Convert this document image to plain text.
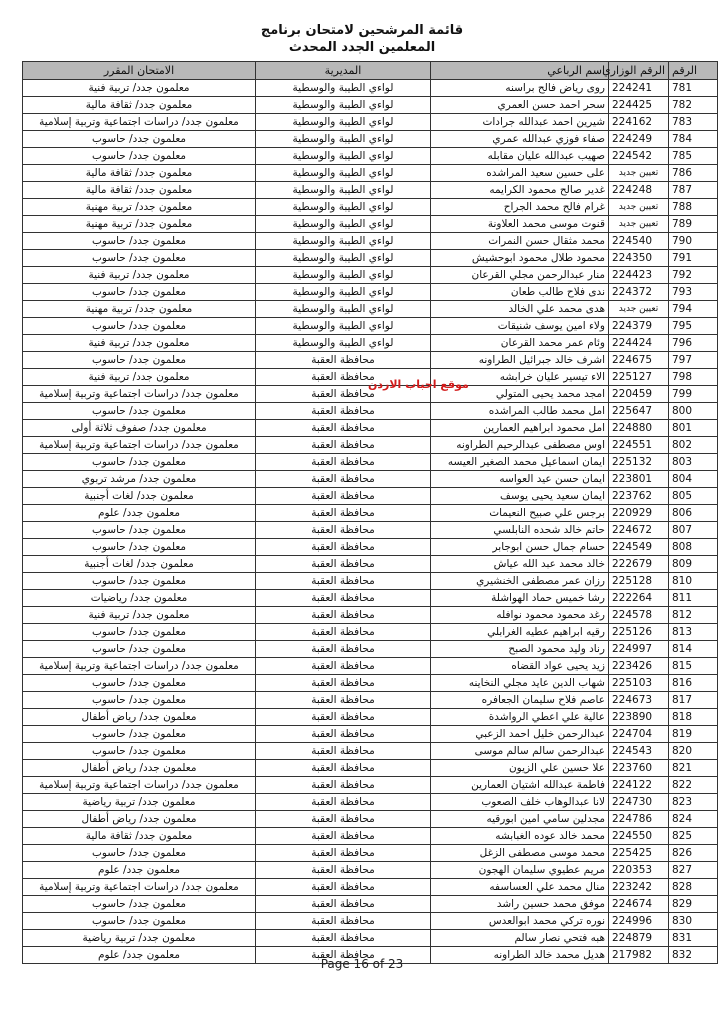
قائمة المرشحين لامتحان برنامج
المعلمين الجدد المحدث
الرقم	الرقم الوزاري	اسم الرباعي	المديرية	الامتحان المقرر
781	224241	روى رياض فالح براسنه	لواءي الطيبة والوسطية	معلمون جدد/ تربية فنية
782	224425	سحر احمد حسن العمري	لواءي الطيبة والوسطية	معلمون جدد/ ثقافة مالية
783	224162	شيرين احمد عبدالله جرادات	لواءي الطيبة والوسطية	معلمون جدد/ دراسات اجتماعية وتربية إسلامية
784	224249	صفاء فوزي عبدالله عمري	لواءي الطيبة والوسطية	معلمون جدد/ حاسوب
785	224542	صهيب عبدالله عليان مقابله	لواءي الطيبة والوسطية	معلمون جدد/ حاسوب
786	تعيين جديد	على حسين سعيد المراشده	لواءي الطيبة والوسطية	معلمون جدد/ ثقافة مالية
787	224248	غدير صالح محمود الكرايمه	لواءي الطيبة والوسطية	معلمون جدد/ ثقافة مالية
788	تعيين جديد	غرام فالح محمد الجراح	لواءي الطيبة والوسطية	معلمون جدد/ تربية مهنية
789	تعيين جديد	قنوت موسى محمد العلاونة	لواءي الطيبة والوسطية	معلمون جدد/ تربية مهنية
790	224540	محمد مثقال حسن النمرات	لواءي الطيبة والوسطية	معلمون جدد/ حاسوب
791	224350	محمود طلال محمود ابوحشيش	لواءي الطيبة والوسطية	معلمون جدد/ حاسوب
792	224423	منار عبدالرحمن مجلي القرعان	لواءي الطيبة والوسطية	معلمون جدد/ تربية فنية
793	224372	ندى فلاح طالب طعان	لواءي الطيبة والوسطية	معلمون جدد/ حاسوب
794	تعيين جديد	هدى محمد علي الخالد	لواءي الطيبة والوسطية	معلمون جدد/ تربية مهنية
795	224379	ولاء امين يوسف شنيقات	لواءي الطيبة والوسطية	معلمون جدد/ حاسوب
796	224424	وئام عمر محمد القرعان	لواءي الطيبة والوسطية	معلمون جدد/ تربية فنية
797	224675	اشرف خالد جبرائيل الطراونه	محافظة العقبة	معلمون جدد/ حاسوب
798	225127	الاء تيسير عليان خرابشه	محافظة العقبة	معلمون جدد/ تربية فنية
799	220459	امجد محمد يحيى المتولي	محافظة العقبة	معلمون جدد/ دراسات اجتماعية وتربية إسلامية
800	225647	امل محمد طالب المراشده	محافظة العقبة	معلمون جدد/ حاسوب
801	224880	امل محمود ابراهيم العمارين	محافظة العقبة	معلمون جدد/ صفوف ثلاثة أولى
802	224551	اوس مصطفى عبدالرحيم الطراونه	محافظة العقبة	معلمون جدد/ دراسات اجتماعية وتربية إسلامية
803	225132	ايمان اسماعيل محمد الصغير العيسه	محافظة العقبة	معلمون جدد/ حاسوب
804	223801	ايمان حسن عيد العواسه	محافظة العقبة	معلمون جدد/ مرشد تربوي
805	223762	ايمان سعيد يحيى يوسف	محافظة العقبة	معلمون جدد/ لغات أجنبية
806	220929	برجس علي صبيح النعيمات	محافظة العقبة	معلمون جدد/ علوم
807	224672	حاتم خالد شحده النابلسي	محافظة العقبة	معلمون جدد/ حاسوب
808	224549	حسام جمال حسن ابوجابر	محافظة العقبة	معلمون جدد/ حاسوب
809	222679	خالد محمد عبد الله عياش	محافظة العقبة	معلمون جدد/ لغات أجنبية
810	225128	رزان عمر مصطفى الخنشيري	محافظة العقبة	معلمون جدد/ حاسوب
811	222264	رشا خميس حماد الهواشلة	محافظة العقبة	معلمون جدد/ رياضيات
812	224578	رغد محمود محمود نوافله	محافظة العقبة	معلمون جدد/ تربية فنية
813	225126	رقيه ابراهيم عطيه الغرابلي	محافظة العقبة	معلمون جدد/ حاسوب
814	224997	رناد وليد محمود الصبح	محافظة العقبة	معلمون جدد/ حاسوب
815	223426	زيد يحيى عواد القضاه	محافظة العقبة	معلمون جدد/ دراسات اجتماعية وتربية إسلامية
816	225103	شهاب الدين عايد مجلي النخاينه	محافظة العقبة	معلمون جدد/ حاسوب
817	224673	عاصم فلاح سليمان الجعافره	محافظة العقبة	معلمون جدد/ حاسوب
818	223890	عالية علي اعطي الرواشدة	محافظة العقبة	معلمون جدد/ رياض أطفال
819	224704	عبدالرحمن خليل احمد الزعبي	محافظة العقبة	معلمون جدد/ حاسوب
820	224543	عبدالرحمن سالم سالم موسى	محافظة العقبة	معلمون جدد/ حاسوب
821	223760	علا حسين علي الزيون	محافظة العقبة	معلمون جدد/ رياض أطفال
822	224122	فاطمة عبدالله اشتيان العمارين	محافظة العقبة	معلمون جدد/ دراسات اجتماعية وتربية إسلامية
823	224730	لانا عبدالوهاب خلف الصعوب	محافظة العقبة	معلمون جدد/ تربية رياضية
824	224786	مجدلين سامي امين ابورقيه	محافظة العقبة	معلمون جدد/ رياض أطفال
825	224550	محمد خالد عوده الغبابشه	محافظة العقبة	معلمون جدد/ ثقافة مالية
826	225425	محمد موسى مصطفى الزغل	محافظة العقبة	معلمون جدد/ حاسوب
827	220353	مريم عطيوي سليمان الهجون	محافظة العقبة	معلمون جدد/ علوم
828	223242	منال محمد علي العساسفه	محافظة العقبة	معلمون جدد/ دراسات اجتماعية وتربية إسلامية
829	224674	موفق محمد حسين راشد	محافظة العقبة	معلمون جدد/ حاسوب
830	224996	نوره تركي محمد ابوالعدس	محافظة العقبة	معلمون جدد/ حاسوب
831	224879	هبه فتحي نصار سالم	محافظة العقبة	معلمون جدد/ تربية رياضية
832	217982	هديل محمد خالد الطراونه	محافظة العقبة	معلمون جدد/ علوم
موقع احباب الاردن
Page 16 of 23
